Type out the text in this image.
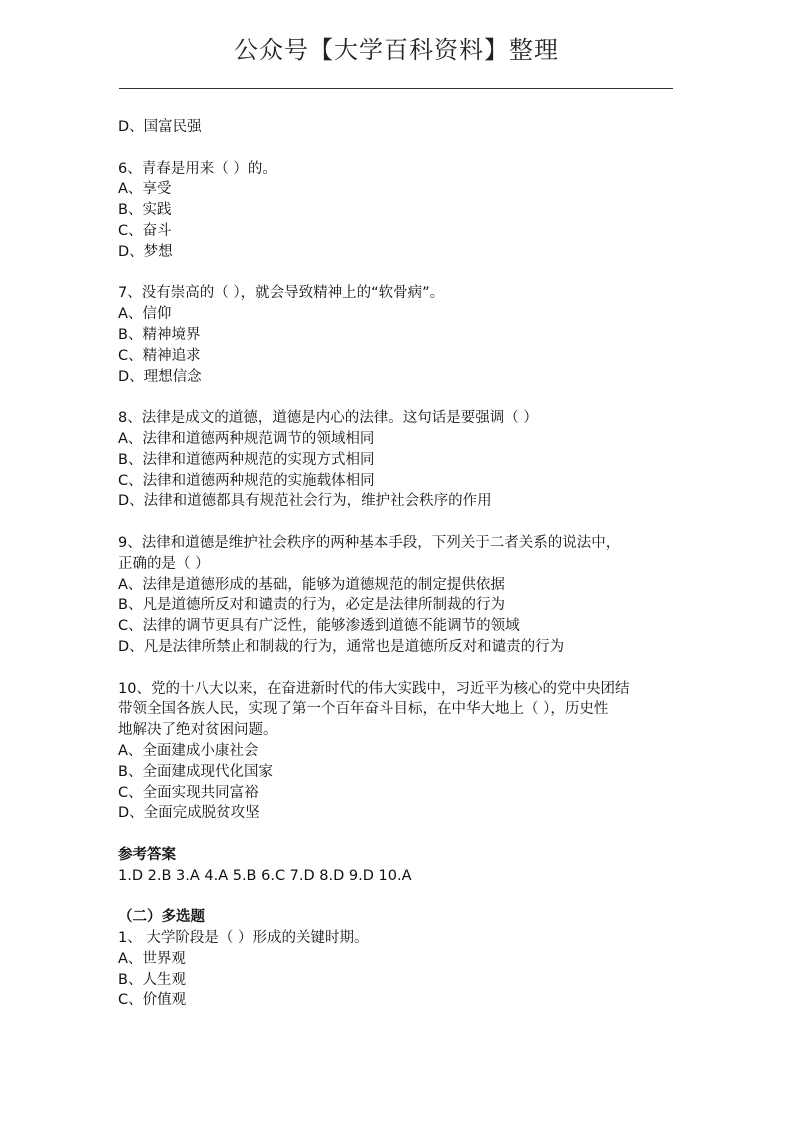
公众号【大学百科资料】整理

D、国富民强

6、青春是用来（ ）的。

A、享受

B、实践

C、奋斗

D、梦想

7、没有崇高的（ ），就会导致精神上的“软骨病”。

A、信仰

B、精神境界

C、精神追求

D、理想信念

8、法律是成文的道德，道德是内心的法律。这句话是要强调（ ）

A、法律和道德两种规范调节的领域相同

B、法律和道德两种规范的实现方式相同

C、法律和道德两种规范的实施载体相同

D、法律和道德都具有规范社会行为，维护社会秩序的作用

9、法律和道德是维护社会秩序的两种基本手段，下列关于二者关系的说法中，

正确的是（ ）

A、法律是道德形成的基础，能够为道德规范的制定提供依据

B、凡是道德所反对和谴责的行为，必定是法律所制裁的行为

C、法律的调节更具有广泛性，能够渗透到道德不能调节的领域

D、凡是法律所禁止和制裁的行为，通常也是道德所反对和谴责的行为

10、党的十八大以来，在奋进新时代的伟大实践中，习近平为核心的党中央团结

带领全国各族人民，实现了第一个百年奋斗目标，在中华大地上（ ），历史性

地解决了绝对贫困问题。

A、全面建成小康社会

B、全面建成现代化国家

C、全面实现共同富裕

D、全面完成脱贫攻坚

参考答案

1.D 2.B 3.A 4.A 5.B 6.C 7.D 8.D 9.D 10.A

（二）多选题

1、 大学阶段是（ ）形成的关键时期。

A、世界观

B、人生观

C、价值观
